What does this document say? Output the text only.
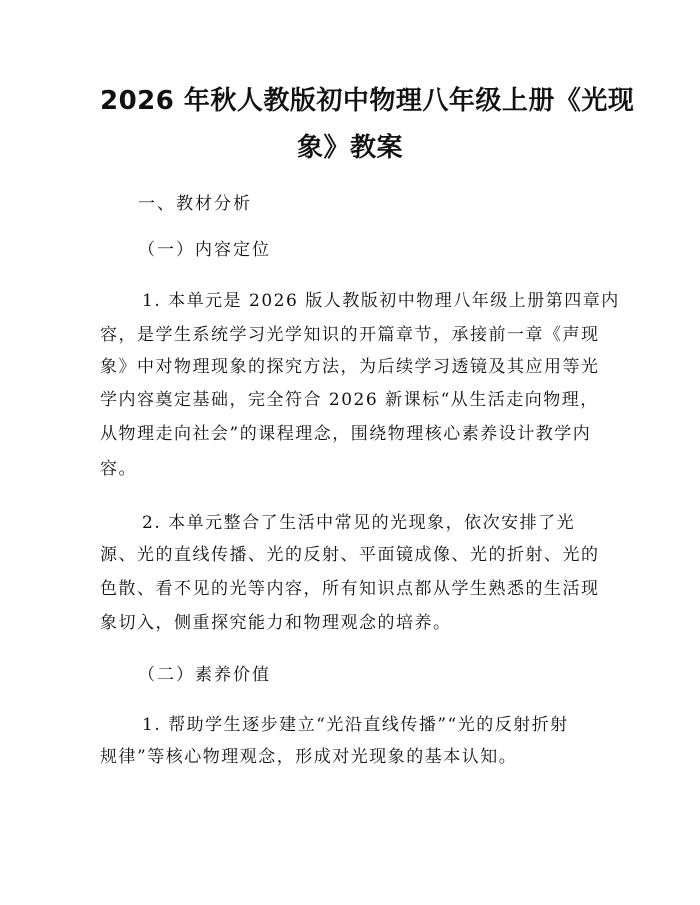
2026 年秋人教版初中物理八年级上册《光现
象》教案
一、教材分析
（一）内容定位
1. 本单元是 2026 版人教版初中物理八年级上册第四章内
容，是学生系统学习光学知识的开篇章节，承接前一章《声现
象》中对物理现象的探究方法，为后续学习透镜及其应用等光
学内容奠定基础，完全符合 2026 新课标“从生活走向物理，
从物理走向社会”的课程理念，围绕物理核心素养设计教学内
容。
2. 本单元整合了生活中常见的光现象，依次安排了光
源、光的直线传播、光的反射、平面镜成像、光的折射、光的
色散、看不见的光等内容，所有知识点都从学生熟悉的生活现
象切入，侧重探究能力和物理观念的培养。
（二）素养价值
1. 帮助学生逐步建立“光沿直线传播”“光的反射折射
规律”等核心物理观念，形成对光现象的基本认知。
